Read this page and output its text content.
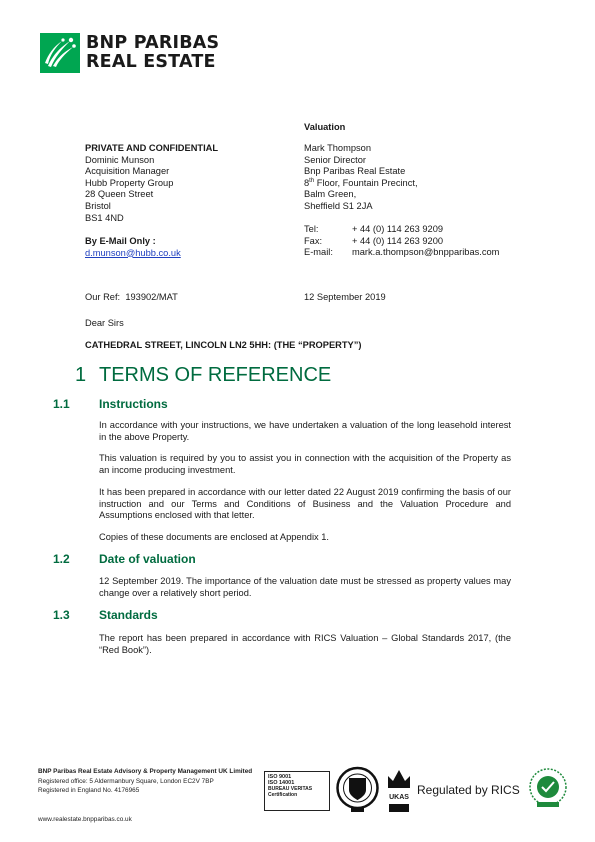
BNP PARIBAS
REAL ESTATE
Valuation
PRIVATE AND CONFIDENTIAL
Dominic Munson
Acquisition Manager
Hubb Property Group
28 Queen Street
Bristol
BS1 4ND
By E-Mail Only :
d.munson@hubb.co.uk
Mark Thompson
Senior Director
Bnp Paribas Real Estate
8th Floor, Fountain Precinct,
Balm Green,
Sheffield S1 2JA
Tel:	+ 44 (0) 114 263 9209
Fax:	+ 44 (0) 114 263 9200
E-mail:	mark.a.thompson@bnpparibas.com
Our Ref: 193902/MAT	12 September 2019
Dear Sirs
CATHEDRAL STREET, LINCOLN LN2 5HH: (THE “PROPERTY”)
1 TERMS OF REFERENCE
1.1 Instructions
In accordance with your instructions, we have undertaken a valuation of the long leasehold interest in the above Property.
This valuation is required by you to assist you in connection with the acquisition of the Property as an income producing investment.
It has been prepared in accordance with our letter dated 22 August 2019 confirming the basis of our instruction and our Terms and Conditions of Business and the Valuation Procedure and Assumptions enclosed with that letter.
Copies of these documents are enclosed at Appendix 1.
1.2 Date of valuation
12 September 2019. The importance of the valuation date must be stressed as property values may change over a relatively short period.
1.3 Standards
The report has been prepared in accordance with RICS Valuation – Global Standards 2017, (the “Red Book”).
BNP Paribas Real Estate Advisory & Property Management UK Limited
Registered office: 5 Aldermanbury Square, London EC2V 7BP
Registered in England No. 4176965
www.realestate.bnpparibas.co.uk
ISO 9001
ISO 14001
BUREAU VERITAS
Certification	UKAS
Regulated by RICS
